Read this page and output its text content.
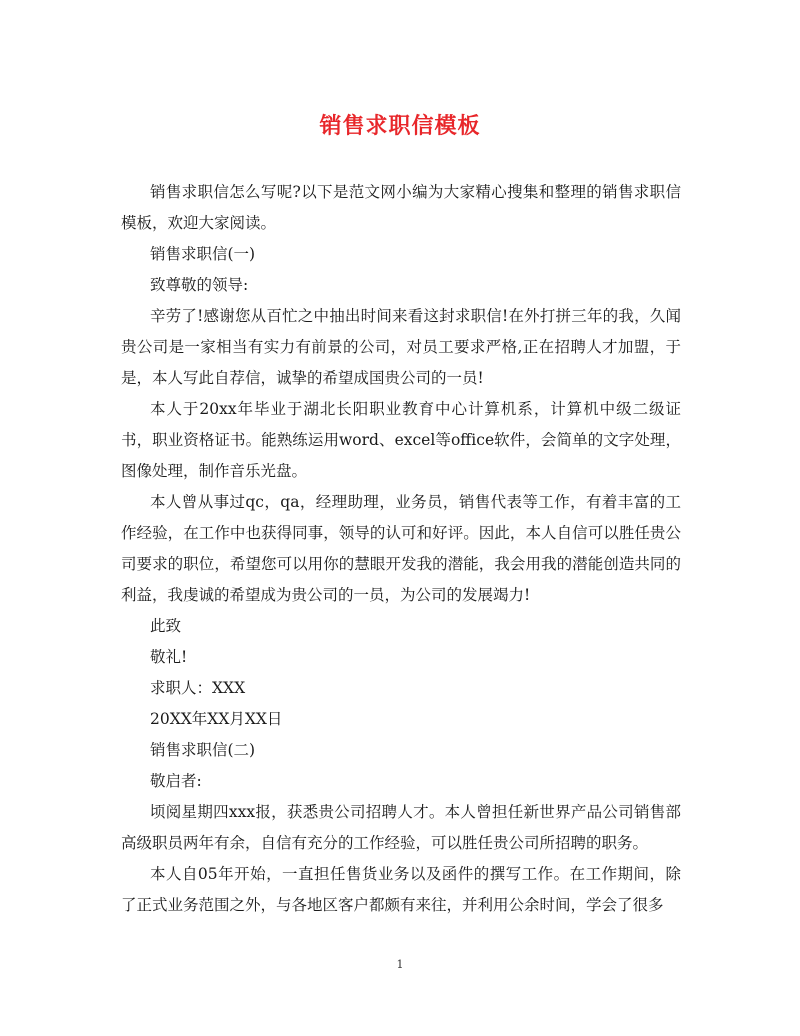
销售求职信模板

销售求职信怎么写呢?以下是范文网小编为大家精心搜集和整理的销售求职信模板，欢迎大家阅读。

销售求职信(一)

致尊敬的领导:

辛劳了!感谢您从百忙之中抽出时间来看这封求职信!在外打拼三年的我，久闻贵公司是一家相当有实力有前景的公司，对员工要求严格,正在招聘人才加盟，于是，本人写此自荐信，诚挚的希望成国贵公司的一员!

本人于20xx年毕业于湖北长阳职业教育中心计算机系，计算机中级二级证书，职业资格证书。能熟练运用word、excel等office软件，会简单的文字处理，图像处理，制作音乐光盘。

本人曾从事过qc，qa，经理助理，业务员，销售代表等工作，有着丰富的工作经验，在工作中也获得同事，领导的认可和好评。因此，本人自信可以胜任贵公司要求的职位，希望您可以用你的慧眼开发我的潜能，我会用我的潜能创造共同的利益，我虔诚的希望成为贵公司的一员，为公司的发展竭力!

此致

敬礼!

求职人：XXX

20XX年XX月XX日

销售求职信(二)

敬启者:

顷阅星期四xxx报，获悉贵公司招聘人才。本人曾担任新世界产品公司销售部高级职员两年有余，自信有充分的工作经验，可以胜任贵公司所招聘的职务。

本人自05年开始，一直担任售货业务以及函件的撰写工作。在工作期间，除了正式业务范围之外，与各地区客户都颇有来往，并利用公余时间，学会了很多

1
